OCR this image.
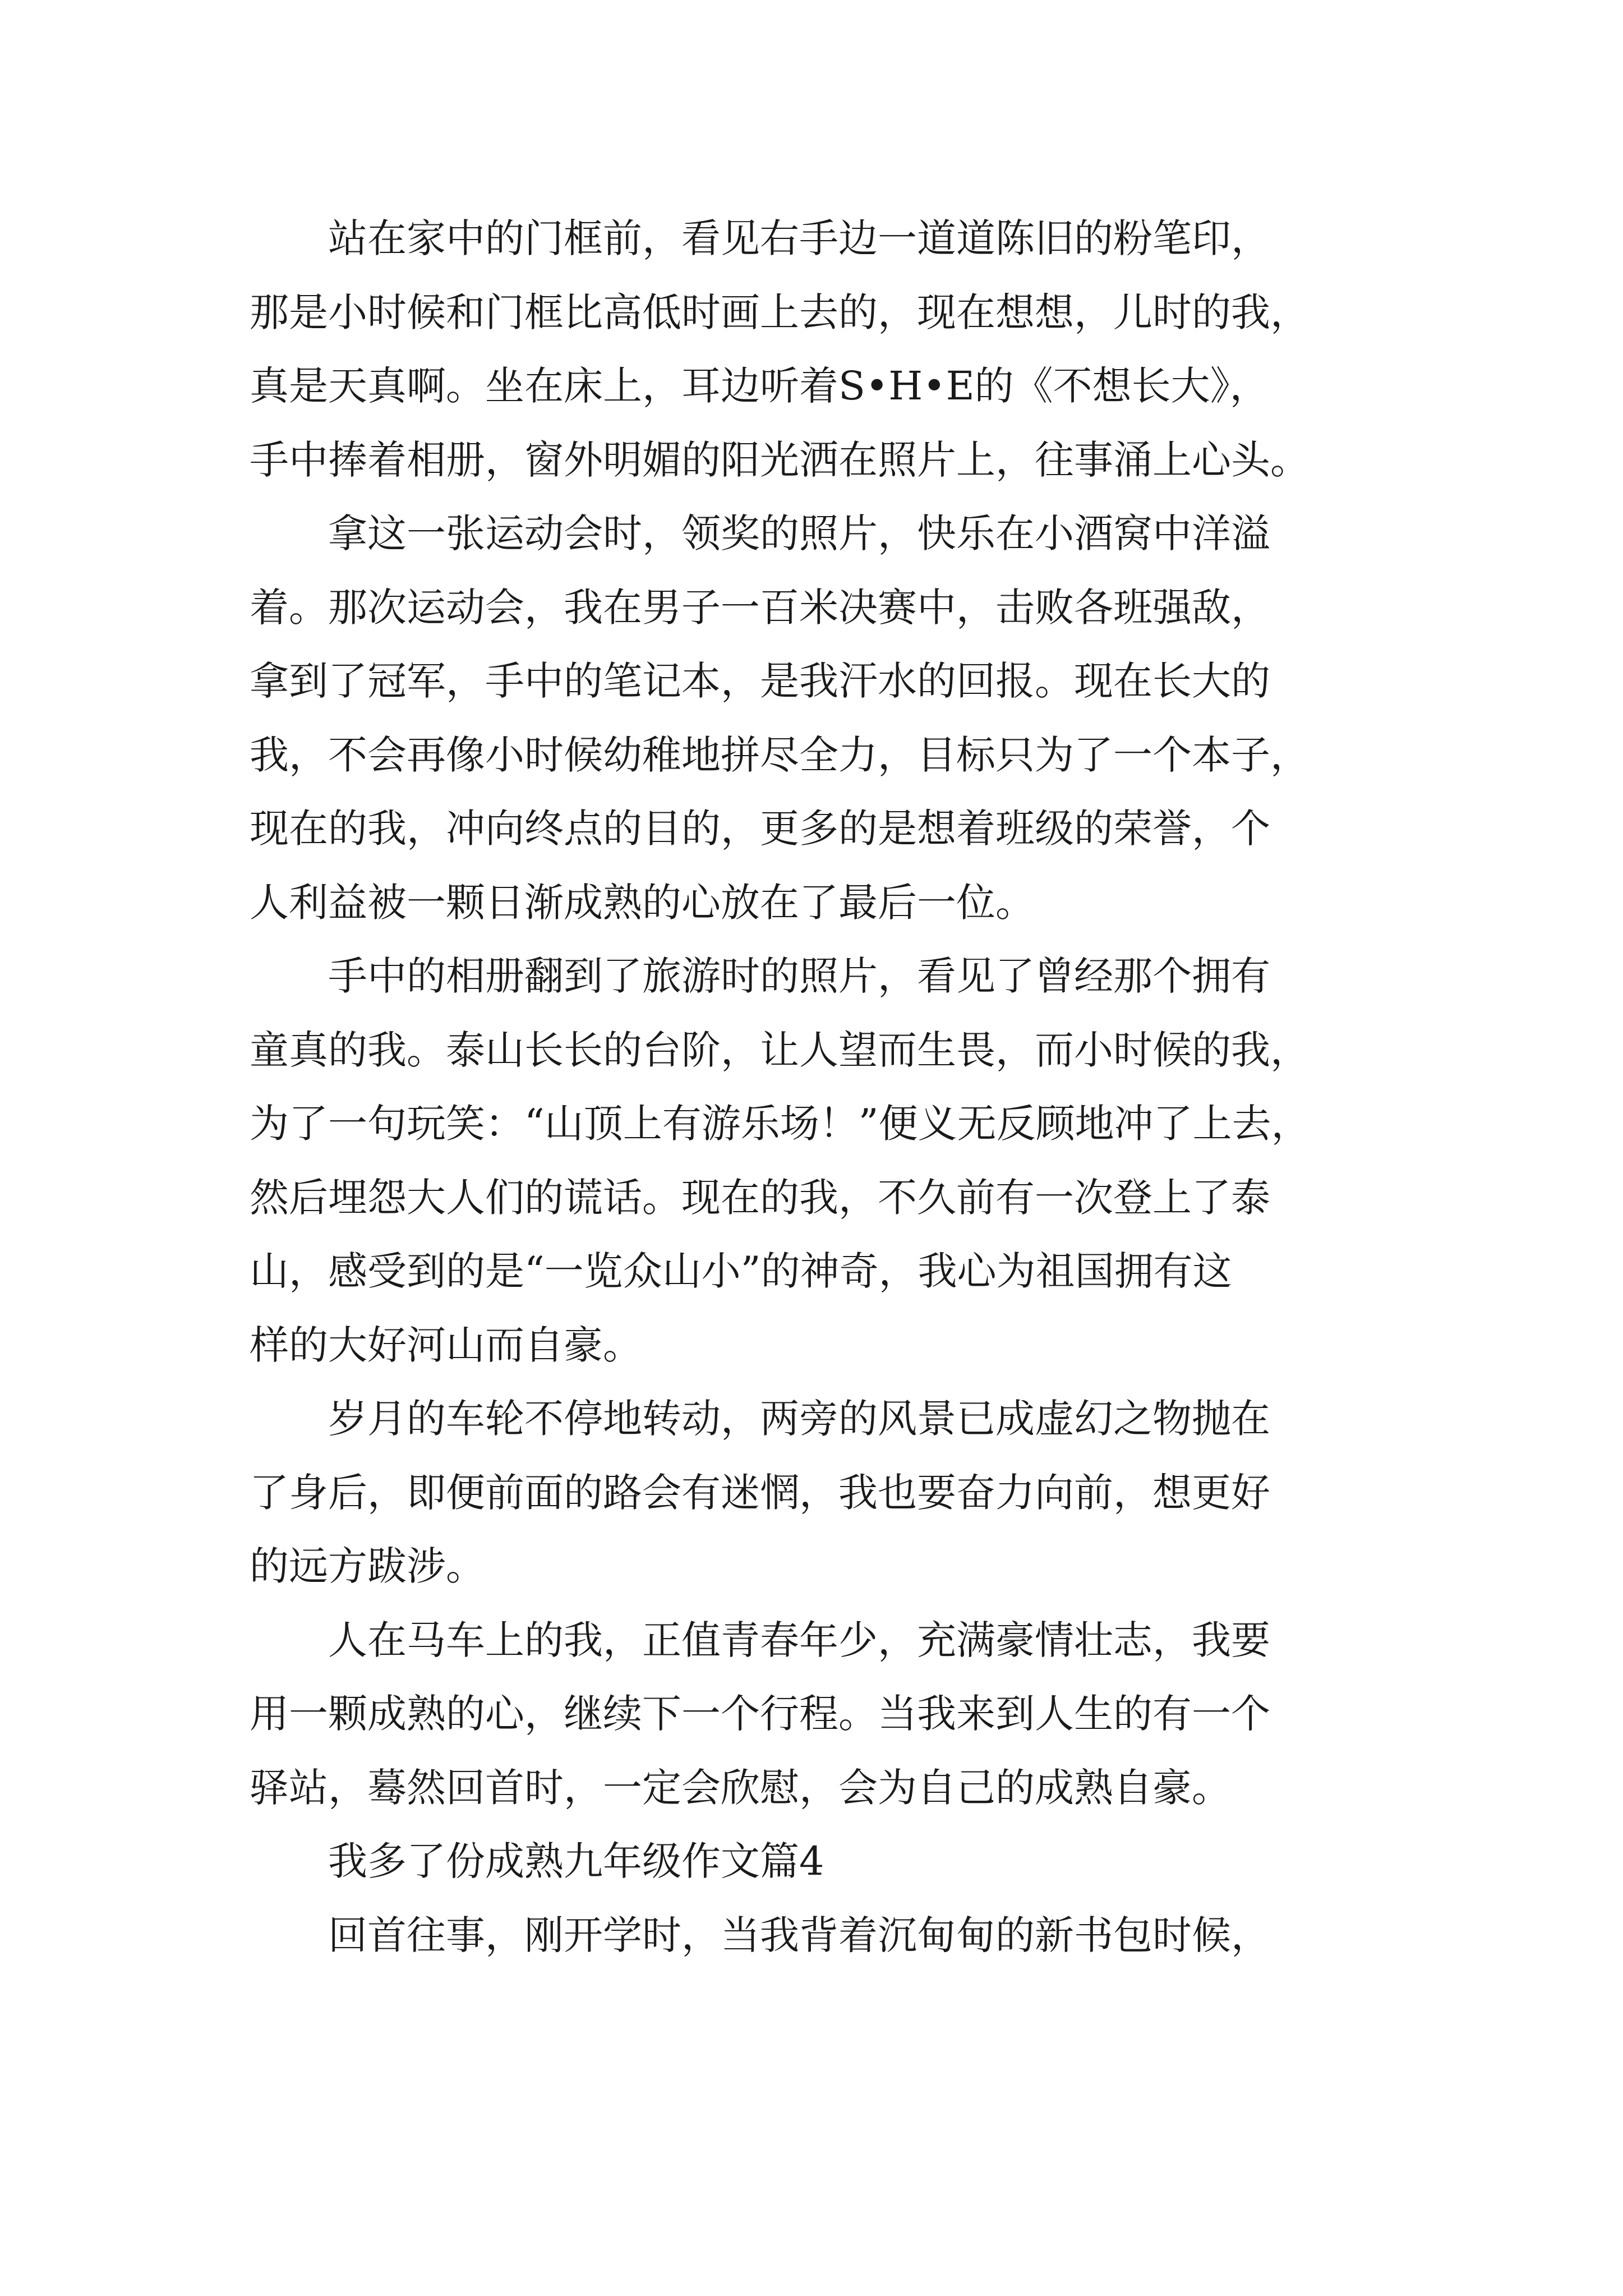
站在家中的门框前，看见右手边一道道陈旧的粉笔印，
那是小时候和门框比高低时画上去的，现在想想，儿时的我，
真是天真啊。坐在床上，耳边听着S•H•E的《不想长大》，
手中捧着相册，窗外明媚的阳光洒在照片上，往事涌上心头。

拿这一张运动会时，领奖的照片，快乐在小酒窝中洋溢
着。那次运动会，我在男子一百米决赛中，击败各班强敌，
拿到了冠军，手中的笔记本，是我汗水的回报。现在长大的
我，不会再像小时候幼稚地拼尽全力，目标只为了一个本子，
现在的我，冲向终点的目的，更多的是想着班级的荣誉，个
人利益被一颗日渐成熟的心放在了最后一位。

手中的相册翻到了旅游时的照片，看见了曾经那个拥有
童真的我。泰山长长的台阶，让人望而生畏，而小时候的我，
为了一句玩笑：“山顶上有游乐场！”便义无反顾地冲了上去，
然后埋怨大人们的谎话。现在的我，不久前有一次登上了泰
山，感受到的是“一览众山小”的神奇，我心为祖国拥有这
样的大好河山而自豪。

岁月的车轮不停地转动，两旁的风景已成虚幻之物抛在
了身后，即便前面的路会有迷惘，我也要奋力向前，想更好
的远方跋涉。

人在马车上的我，正值青春年少，充满豪情壮志，我要
用一颗成熟的心，继续下一个行程。当我来到人生的有一个
驿站，蓦然回首时，一定会欣慰，会为自己的成熟自豪。

我多了份成熟九年级作文篇4

回首往事，刚开学时，当我背着沉甸甸的新书包时候，
